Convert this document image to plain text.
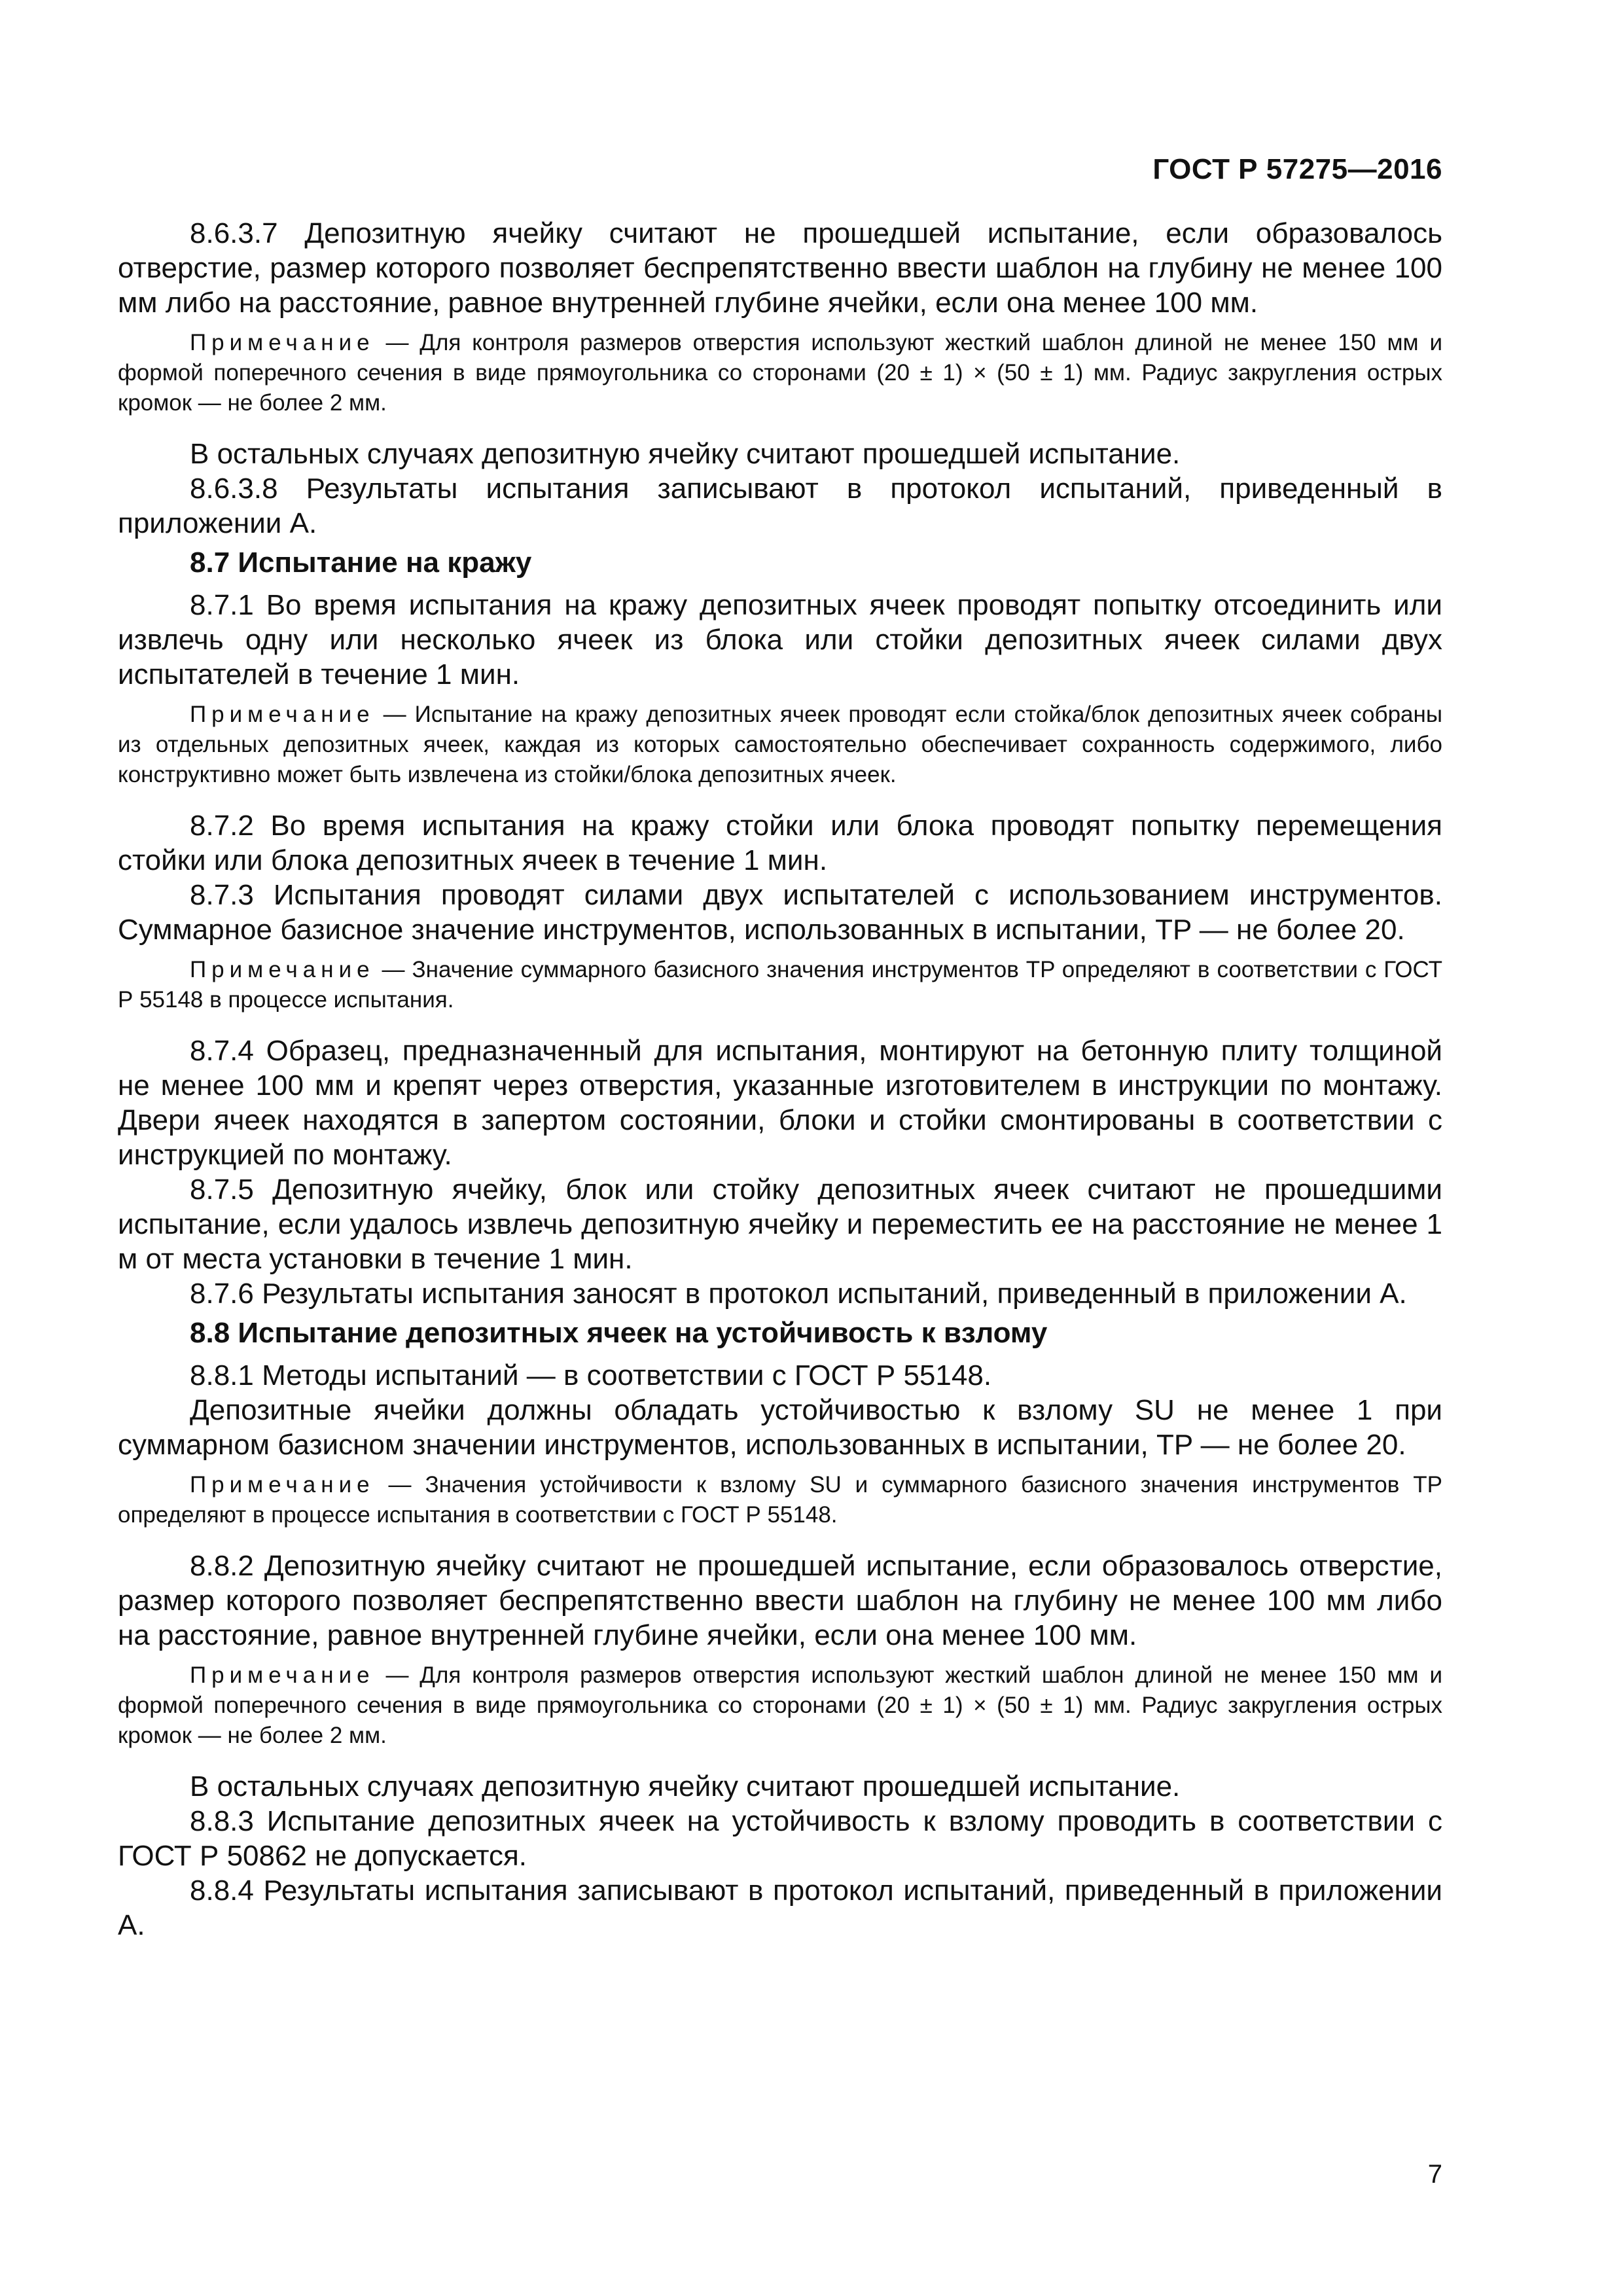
ГОСТ Р 57275—2016

8.6.3.7 Депозитную ячейку считают не прошедшей испытание, если образовалось отверстие, размер которого позволяет беспрепятственно ввести шаблон на глубину не менее 100 мм либо на расстояние, равное внутренней глубине ячейки, если она менее 100 мм.

Примечание — Для контроля размеров отверстия используют жесткий шаблон длиной не менее 150 мм и формой поперечного сечения в виде прямоугольника со сторонами (20 ± 1) × (50 ± 1) мм. Радиус закругления острых кромок — не более 2 мм.

В остальных случаях депозитную ячейку считают прошедшей испытание.

8.6.3.8 Результаты испытания записывают в протокол испытаний, приведенный в приложении А.

8.7 Испытание на кражу

8.7.1 Во время испытания на кражу депозитных ячеек проводят попытку отсоединить или извлечь одну или несколько ячеек из блока или стойки депозитных ячеек силами двух испытателей в течение 1 мин.

Примечание — Испытание на кражу депозитных ячеек проводят если стойка/блок депозитных ячеек собраны из отдельных депозитных ячеек, каждая из которых самостоятельно обеспечивает сохранность содержимого, либо конструктивно может быть извлечена из стойки/блока депозитных ячеек.

8.7.2 Во время испытания на кражу стойки или блока проводят попытку перемещения стойки или блока депозитных ячеек в течение 1 мин.

8.7.3 Испытания проводят силами двух испытателей с использованием инструментов. Суммарное базисное значение инструментов, использованных в испытании, TP — не более 20.

Примечание — Значение суммарного базисного значения инструментов TP определяют в соответствии с ГОСТ Р 55148 в процессе испытания.

8.7.4 Образец, предназначенный для испытания, монтируют на бетонную плиту толщиной не менее 100 мм и крепят через отверстия, указанные изготовителем в инструкции по монтажу. Двери ячеек находятся в запертом состоянии, блоки и стойки смонтированы в соответствии с инструкцией по монтажу.

8.7.5 Депозитную ячейку, блок или стойку депозитных ячеек считают не прошедшими испытание, если удалось извлечь депозитную ячейку и переместить ее на расстояние не менее 1 м от места установки в течение 1 мин.

8.7.6 Результаты испытания заносят в протокол испытаний, приведенный в приложении А.

8.8 Испытание депозитных ячеек на устойчивость к взлому

8.8.1 Методы испытаний — в соответствии с ГОСТ Р 55148.

Депозитные ячейки должны обладать устойчивостью к взлому SU не менее 1 при суммарном базисном значении инструментов, использованных в испытании, TP — не более 20.

Примечание — Значения устойчивости к взлому SU и суммарного базисного значения инструментов TP определяют в процессе испытания в соответствии с ГОСТ Р 55148.

8.8.2 Депозитную ячейку считают не прошедшей испытание, если образовалось отверстие, размер которого позволяет беспрепятственно ввести шаблон на глубину не менее 100 мм либо на расстояние, равное внутренней глубине ячейки, если она менее 100 мм.

Примечание — Для контроля размеров отверстия используют жесткий шаблон длиной не менее 150 мм и формой поперечного сечения в виде прямоугольника со сторонами (20 ± 1) × (50 ± 1) мм. Радиус закругления острых кромок — не более 2 мм.

В остальных случаях депозитную ячейку считают прошедшей испытание.

8.8.3 Испытание депозитных ячеек на устойчивость к взлому проводить в соответствии с ГОСТ Р 50862 не допускается.

8.8.4 Результаты испытания записывают в протокол испытаний, приведенный в приложении А.

7
